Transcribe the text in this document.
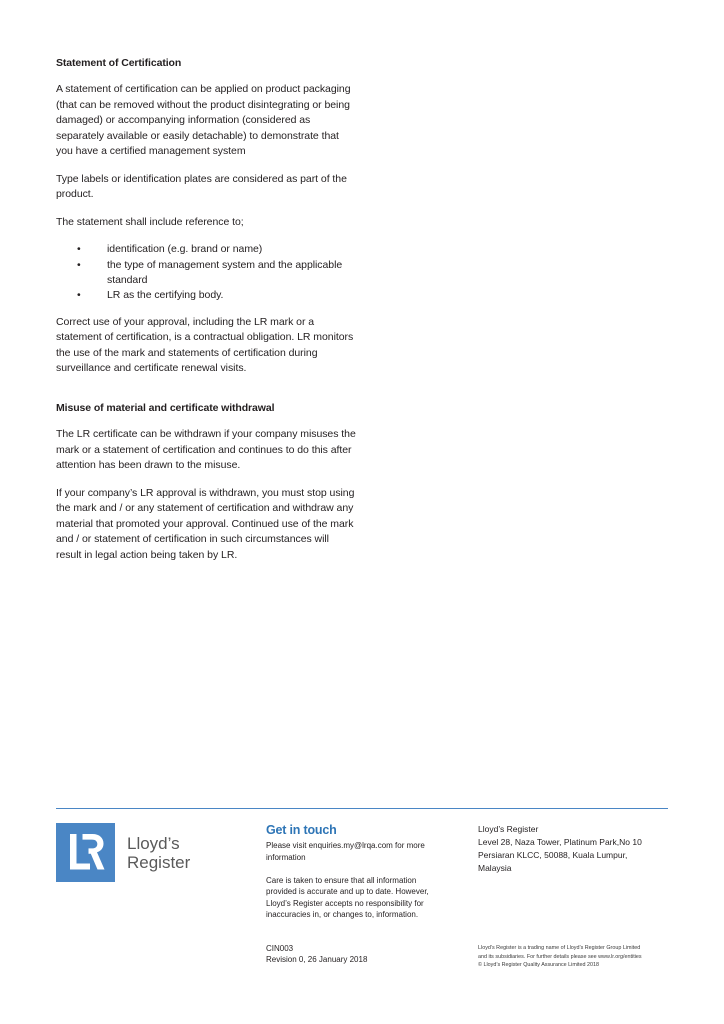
Statement of Certification

A statement of certification can be applied on product packaging (that can be removed without the product disintegrating or being damaged) or accompanying information (considered as separately available or easily detachable) to demonstrate that you have a certified management system

Type labels or identification plates are considered as part of the product.

The statement shall include reference to;

•	identification (e.g. brand or name)
•	the type of management system and the applicable standard
•	LR as the certifying body.

Correct use of your approval, including the LR mark or a statement of certification, is a contractual obligation. LR monitors the use of the mark and statements of certification during surveillance and certificate renewal visits.

Misuse of material and certificate withdrawal

The LR certificate can be withdrawn if your company misuses the mark or a statement of certification and continues to do this after attention has been drawn to the misuse.

If your company’s LR approval is withdrawn, you must stop using the mark and / or any statement of certification and withdraw any material that promoted your approval. Continued use of the mark and / or statement of certification in such circumstances will result in legal action being taken by LR.

Lloyd’s
Register
Get in touch

Please visit enquiries.my@lrqa.com for more

information

Care is taken to ensure that all information

provided is accurate and up to date. However,

Lloyd’s Register accepts no responsibility for

inaccuracies in, or changes to, information.

CIN003
Revision 0, 26 January 2018

Lloyd’s Register

Level 28, Naza Tower, Platinum Park,No 10

Persiaran KLCC, 50088, Kuala Lumpur,

Malaysia

Lloyd’s Register is a trading name of Lloyd’s Register Group Limited
and its subsidiaries. For further details please see www.lr.org/entities
© Lloyd’s Register Quality Assurance Limited 2018
